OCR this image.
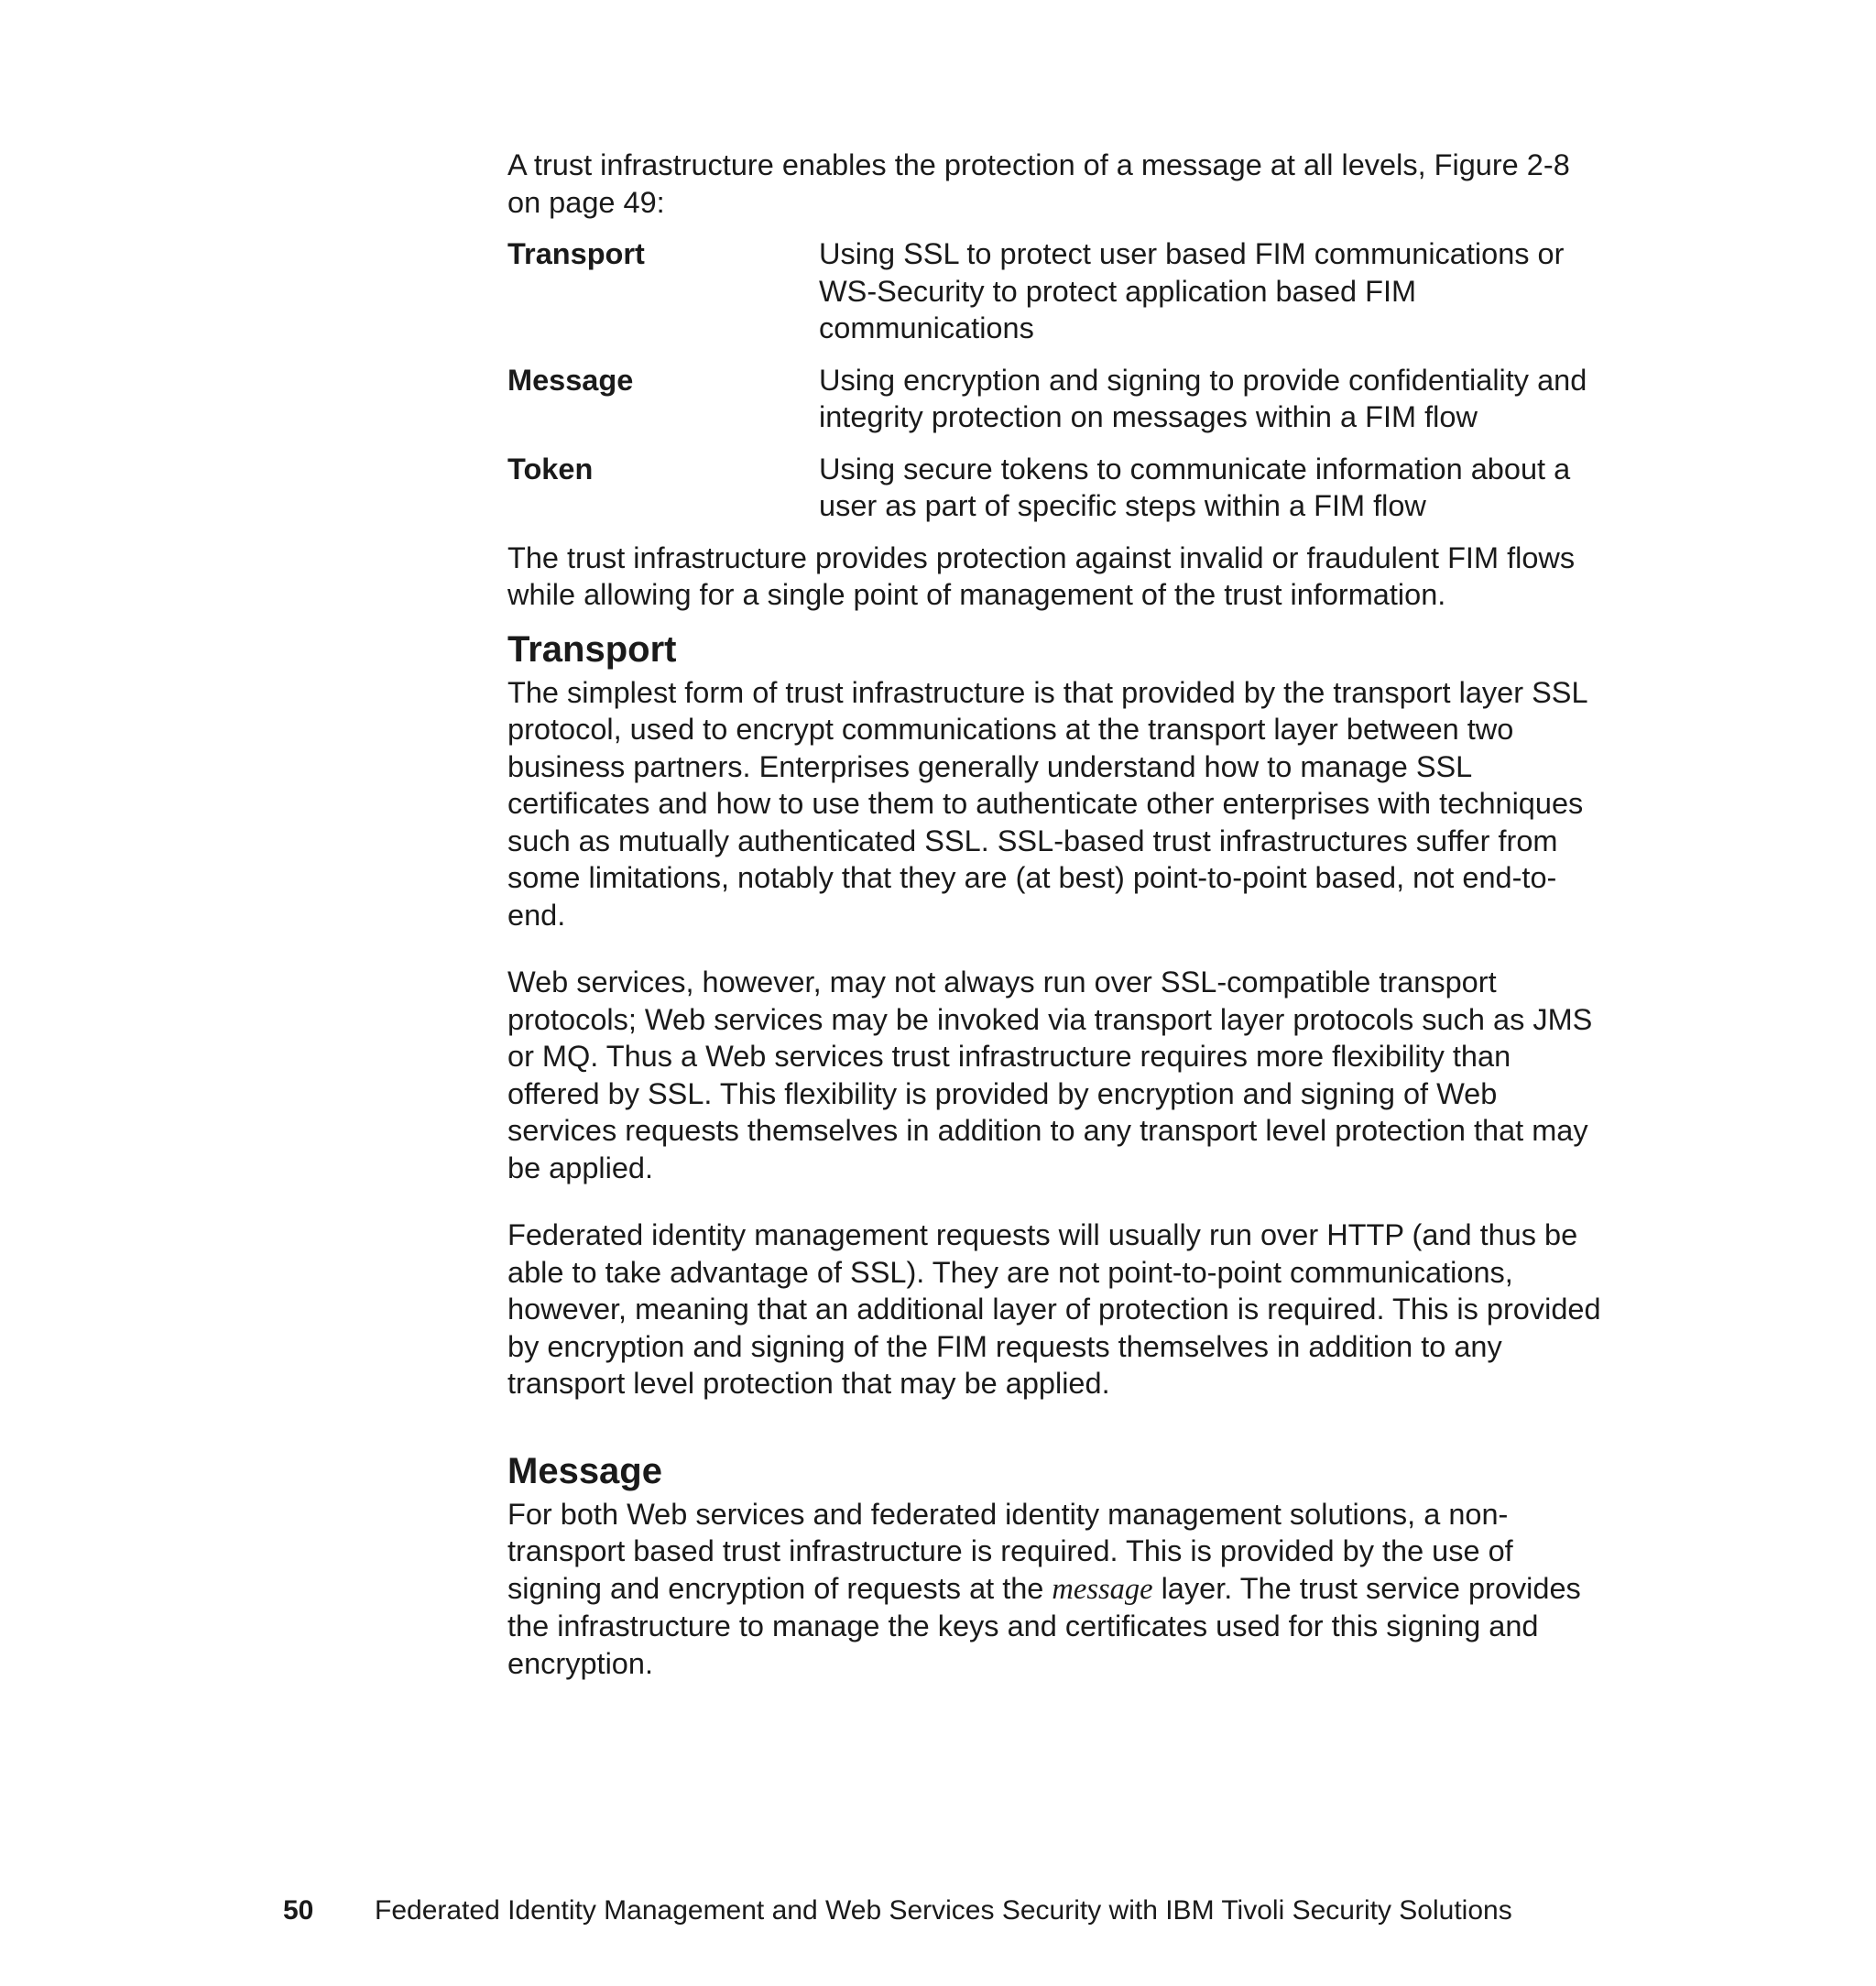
A trust infrastructure enables the protection of a message at all levels, Figure 2-8 on page 49:

Transport	Using SSL to protect user based FIM communications or WS-Security to protect application based FIM communications
Message	Using encryption and signing to provide confidentiality and integrity protection on messages within a FIM flow
Token	Using secure tokens to communicate information about a user as part of specific steps within a FIM flow

The trust infrastructure provides protection against invalid or fraudulent FIM flows while allowing for a single point of management of the trust information.

Transport

The simplest form of trust infrastructure is that provided by the transport layer SSL protocol, used to encrypt communications at the transport layer between two business partners. Enterprises generally understand how to manage SSL certificates and how to use them to authenticate other enterprises with techniques such as mutually authenticated SSL. SSL-based trust infrastructures suffer from some limitations, notably that they are (at best) point-to-point based, not end-to-end.

Web services, however, may not always run over SSL-compatible transport protocols; Web services may be invoked via transport layer protocols such as JMS or MQ. Thus a Web services trust infrastructure requires more flexibility than offered by SSL. This flexibility is provided by encryption and signing of Web services requests themselves in addition to any transport level protection that may be applied.

Federated identity management requests will usually run over HTTP (and thus be able to take advantage of SSL). They are not point-to-point communications, however, meaning that an additional layer of protection is required. This is provided by encryption and signing of the FIM requests themselves in addition to any transport level protection that may be applied.

Message

For both Web services and federated identity management solutions, a non-transport based trust infrastructure is required. This is provided by the use of signing and encryption of requests at the message layer. The trust service provides the infrastructure to manage the keys and certificates used for this signing and encryption.

50 Federated Identity Management and Web Services Security with IBM Tivoli Security Solutions
